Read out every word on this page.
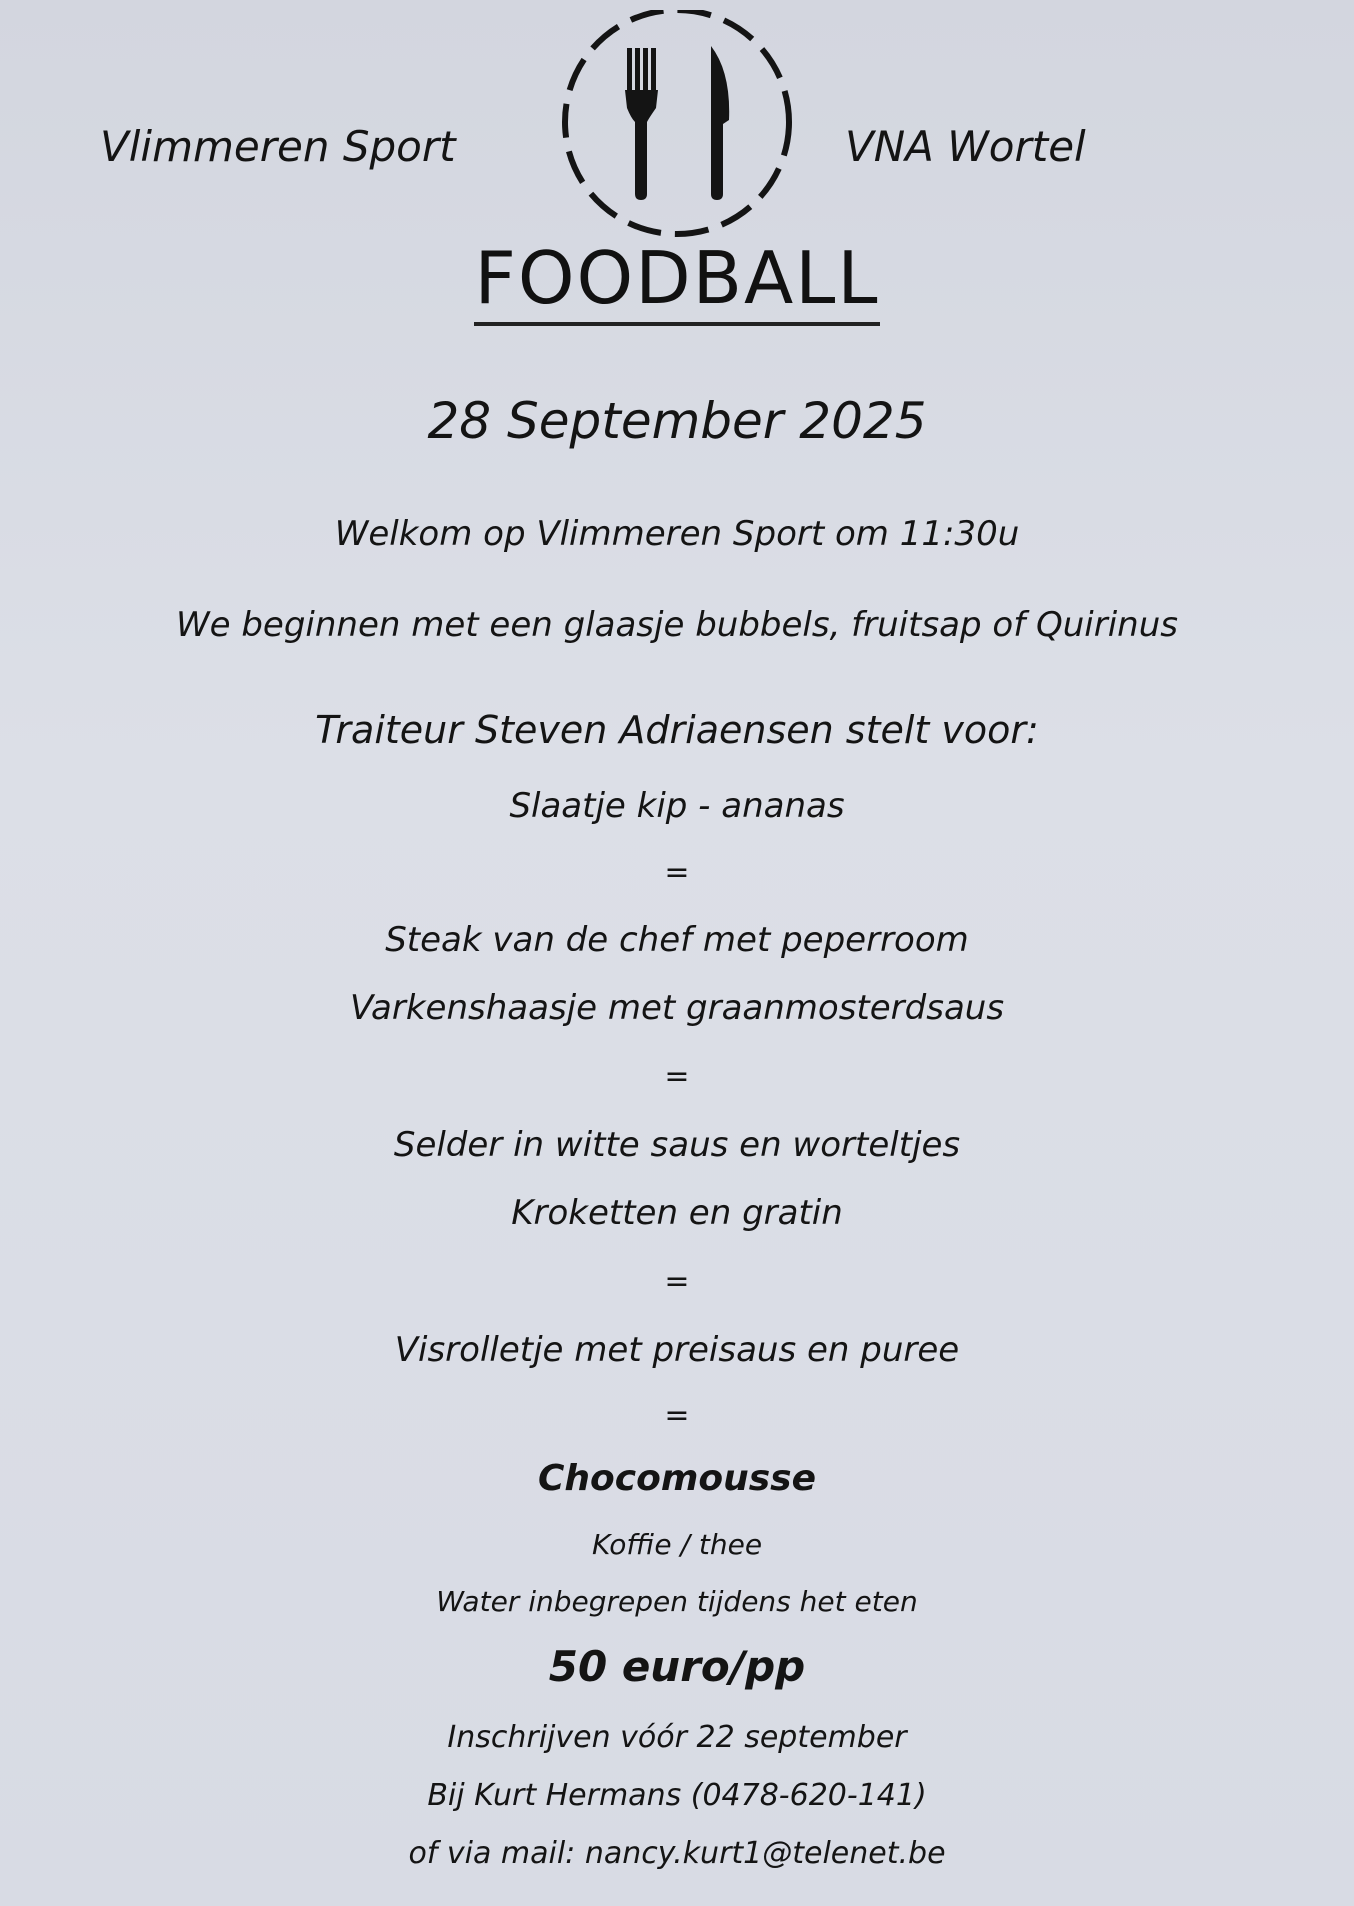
Vlimmeren Sport	VNA Wortel
FOODBALL
28 September 2025
Welkom op Vlimmeren Sport om 11:30u
We beginnen met een glaasje bubbels, fruitsap of Quirinus
Traiteur Steven Adriaensen stelt voor:
Slaatje kip - ananas
=
Steak van de chef met peperroom
Varkenshaasje met graanmosterdsaus
=
Selder in witte saus en worteltjes
Kroketten en gratin
=
Visrolletje met preisaus en puree
=
Chocomousse
Koffie / thee
Water inbegrepen tijdens het eten
50 euro/pp
Inschrijven vóór 22 september
Bij Kurt Hermans (0478-620-141)
of via mail: nancy.kurt1@telenet.be
